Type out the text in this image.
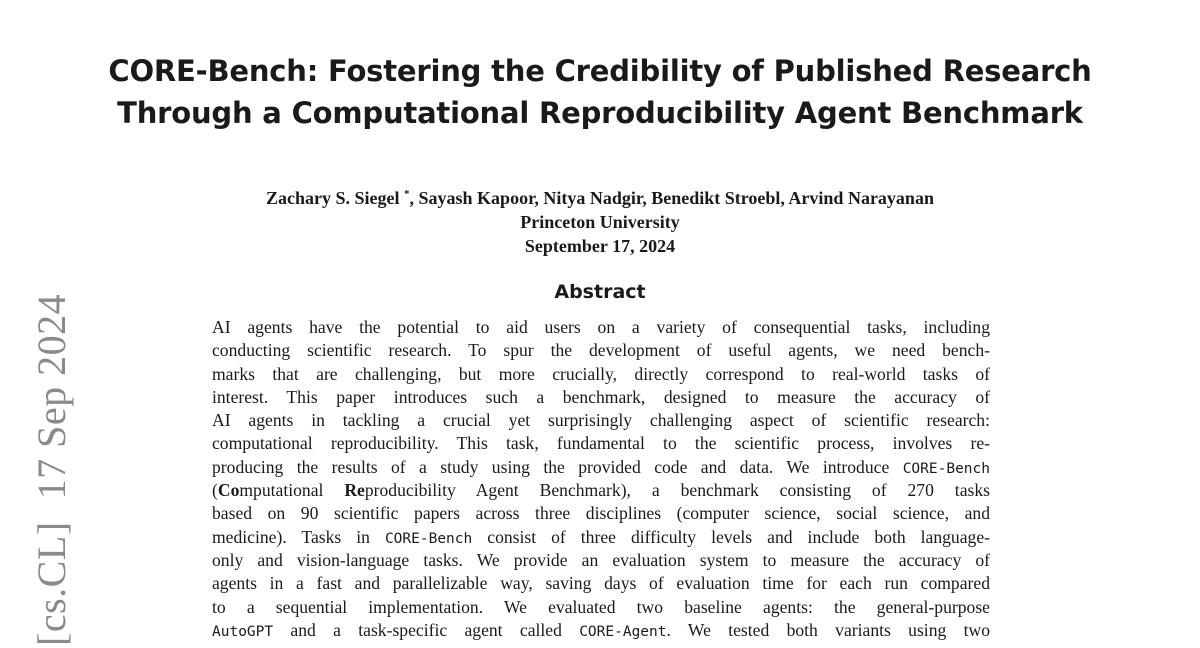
CORE-Bench: Fostering the Credibility of Published Research
Through a Computational Reproducibility Agent Benchmark
Zachary S. Siegel *, Sayash Kapoor, Nitya Nadgir, Benedikt Stroebl, Arvind Narayanan
Princeton University
September 17, 2024
Abstract
AI agents have the potential to aid users on a variety of consequential tasks, including
conducting scientific research. To spur the development of useful agents, we need bench-
marks that are challenging, but more crucially, directly correspond to real-world tasks of
interest. This paper introduces such a benchmark, designed to measure the accuracy of
AI agents in tackling a crucial yet surprisingly challenging aspect of scientific research:
computational reproducibility. This task, fundamental to the scientific process, involves re-
producing the results of a study using the provided code and data. We introduce CORE-Bench
(Computational Reproducibility Agent Benchmark), a benchmark consisting of 270 tasks
based on 90 scientific papers across three disciplines (computer science, social science, and
medicine). Tasks in CORE-Bench consist of three difficulty levels and include both language-
only and vision-language tasks. We provide an evaluation system to measure the accuracy of
agents in a fast and parallelizable way, saving days of evaluation time for each run compared
to a sequential implementation. We evaluated two baseline agents: the general-purpose
AutoGPT and a task-specific agent called CORE-Agent. We tested both variants using two
[cs.CL]17 Sep 2024
